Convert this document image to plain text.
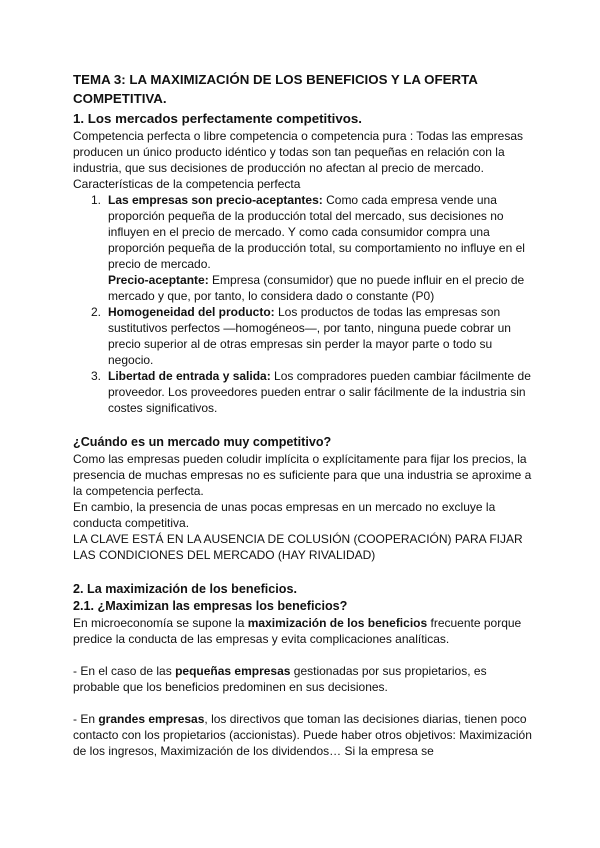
TEMA 3: LA MAXIMIZACIÓN DE LOS BENEFICIOS Y LA OFERTA
COMPETITIVA.
1. Los mercados perfectamente competitivos.

Competencia perfecta o libre competencia o competencia pura : Todas las empresas producen un único producto idéntico y todas son tan pequeñas en relación con la industria, que sus decisiones de producción no afectan al precio de mercado.

Características de la competencia perfecta

1. Las empresas son precio-aceptantes: Como cada empresa vende una proporción pequeña de la producción total del mercado, sus decisiones no influyen en el precio de mercado. Y como cada consumidor compra una proporción pequeña de la producción total, su comportamiento no influye en el precio de mercado.
Precio-aceptante: Empresa (consumidor) que no puede influir en el precio de mercado y que, por tanto, lo considera dado o constante (P0)
2. Homogeneidad del producto: Los productos de todas las empresas son sustitutivos perfectos —homogéneos—, por tanto, ninguna puede cobrar un precio superior al de otras empresas sin perder la mayor parte o todo su negocio.
3. Libertad de entrada y salida: Los compradores pueden cambiar fácilmente de proveedor. Los proveedores pueden entrar o salir fácilmente de la industria sin costes significativos.
¿Cuándo es un mercado muy competitivo?

Como las empresas pueden coludir implícita o explícitamente para fijar los precios, la presencia de muchas empresas no es suficiente para que una industria se aproxime a la competencia perfecta.

En cambio, la presencia de unas pocas empresas en un mercado no excluye la conducta competitiva.

LA CLAVE ESTÁ EN LA AUSENCIA DE COLUSIÓN (COOPERACIÓN) PARA FIJAR LAS CONDICIONES DEL MERCADO (HAY RIVALIDAD)

2. La maximización de los beneficios.
2.1. ¿Maximizan las empresas los beneficios?

En microeconomía se supone la maximización de los beneficios frecuente porque predice la conducta de las empresas y evita complicaciones analíticas.

- En el caso de las pequeñas empresas gestionadas por sus propietarios, es probable que los beneficios predominen en sus decisiones.

- En grandes empresas, los directivos que toman las decisiones diarias, tienen poco contacto con los propietarios (accionistas). Puede haber otros objetivos: Maximización de los ingresos, Maximización de los dividendos… Si la empresa se
